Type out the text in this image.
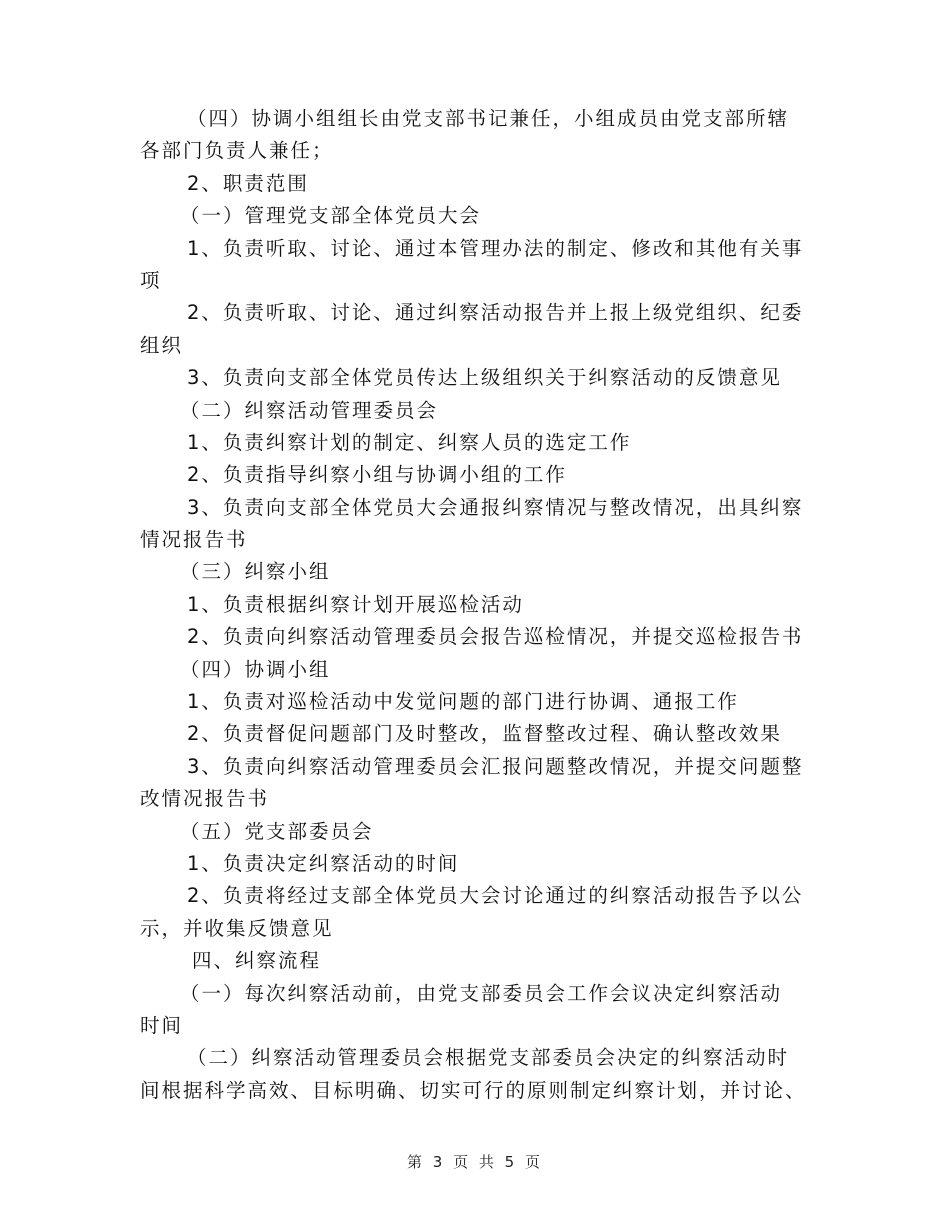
（四）协调小组组长由党支部书记兼任，小组成员由党支部所辖
各部门负责人兼任；
2、职责范围
（一）管理党支部全体党员大会
1、负责听取、讨论、通过本管理办法的制定、修改和其他有关事
项
2、负责听取、讨论、通过纠察活动报告并上报上级党组织、纪委
组织
3、负责向支部全体党员传达上级组织关于纠察活动的反馈意见
（二）纠察活动管理委员会
1、负责纠察计划的制定、纠察人员的选定工作
2、负责指导纠察小组与协调小组的工作
3、负责向支部全体党员大会通报纠察情况与整改情况，出具纠察
情况报告书
（三）纠察小组
1、负责根据纠察计划开展巡检活动
2、负责向纠察活动管理委员会报告巡检情况，并提交巡检报告书
（四）协调小组
1、负责对巡检活动中发觉问题的部门进行协调、通报工作
2、负责督促问题部门及时整改，监督整改过程、确认整改效果
3、负责向纠察活动管理委员会汇报问题整改情况，并提交问题整
改情况报告书
（五）党支部委员会
1、负责决定纠察活动的时间
2、负责将经过支部全体党员大会讨论通过的纠察活动报告予以公
示，并收集反馈意见
四、纠察流程
（一）每次纠察活动前，由党支部委员会工作会议决定纠察活动
时间
（二）纠察活动管理委员会根据党支部委员会决定的纠察活动时
间根据科学高效、目标明确、切实可行的原则制定纠察计划，并讨论、
第 3 页 共 5 页
